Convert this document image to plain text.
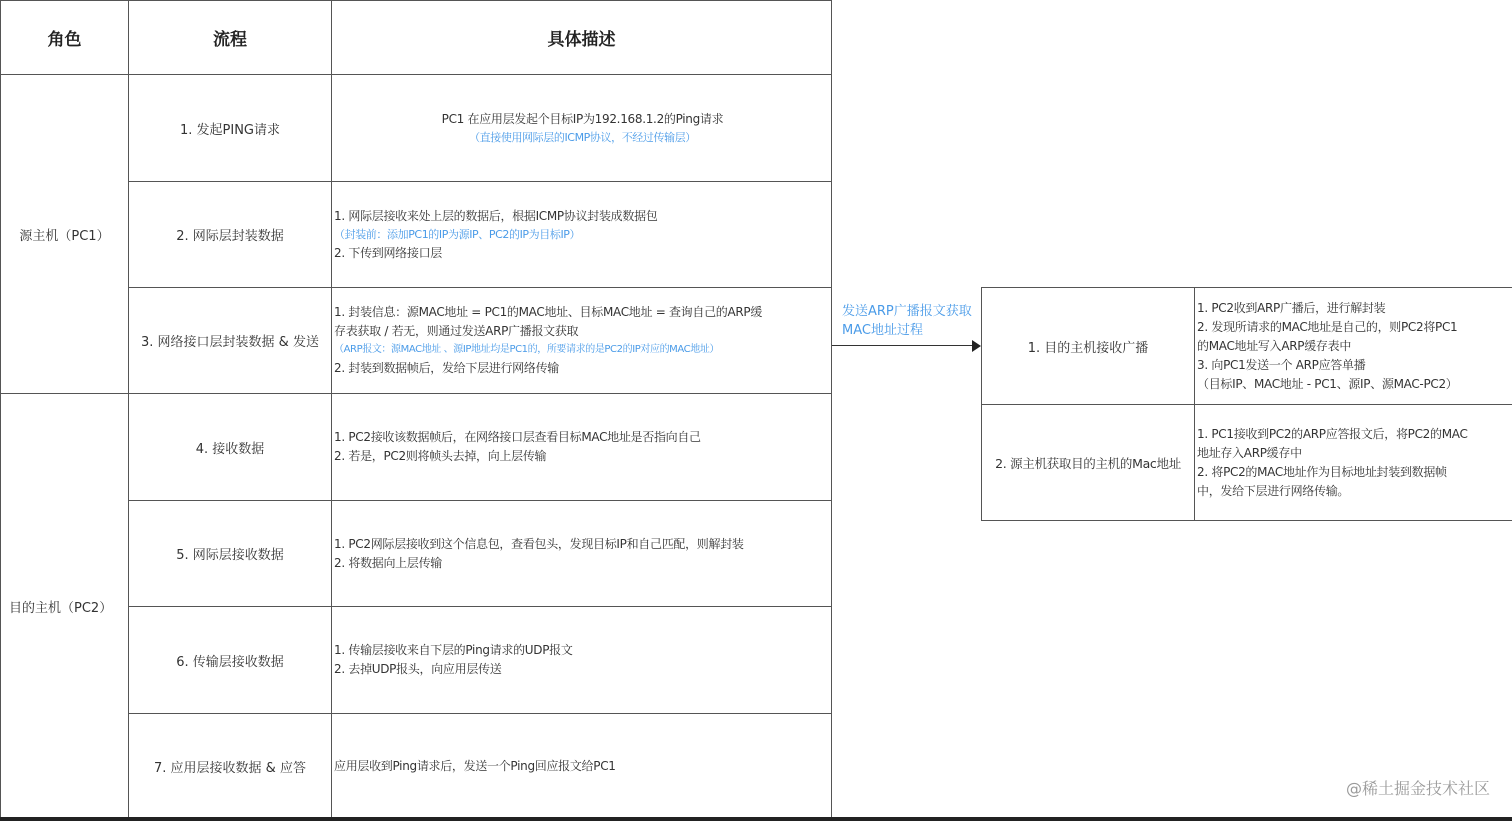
角色	流程	具体描述
源主机（PC1）
目的主机（PC2）
1. 发起PING请求
PC1 在应用层发起个目标IP为192.168.1.2的Ping请求
（直接使用网际层的ICMP协议，不经过传输层）
2. 网际层封装数据
1. 网际层接收来处上层的数据后，根据ICMP协议封装成数据包
（封装前：添加PC1的IP为源IP、PC2的IP为目标IP）
2. 下传到网络接口层
3. 网络接口层封装数据 & 发送
1. 封装信息：源MAC地址 = PC1的MAC地址、目标MAC地址 = 查询自己的ARP缓
存表获取 / 若无，则通过发送ARP广播报文获取
（ARP报文：源MAC地址 、源IP地址均是PC1的，所要请求的是PC2的IP对应的MAC地址）
2. 封装到数据帧后，发给下层进行网络传输
4. 接收数据
1. PC2接收该数据帧后，在网络接口层查看目标MAC地址是否指向自己
2. 若是，PC2则将帧头去掉，向上层传输
5. 网际层接收数据
1. PC2网际层接收到这个信息包，查看包头，发现目标IP和自己匹配，则解封装
2. 将数据向上层传输
6. 传输层接收数据
1. 传输层接收来自下层的Ping请求的UDP报文
2. 去掉UDP报头，向应用层传送
7. 应用层接收数据 & 应答 应用层收到Ping请求后，发送一个Ping回应报文给PC1
发送ARP广播报文获取MAC地址过程
1. 目的主机接收广播
1. PC2收到ARP广播后，进行解封装
2. 发现所请求的MAC地址是自己的，则PC2将PC1
的MAC地址写入ARP缓存表中
3. 向PC1发送一个 ARP应答单播
（目标IP、MAC地址 - PC1、源IP、源MAC-PC2）
2. 源主机获取目的主机的Mac地址
1. PC1接收到PC2的ARP应答报文后，将PC2的MAC
地址存入ARP缓存中
2. 将PC2的MAC地址作为目标地址封装到数据帧
中，发给下层进行网络传输。
@稀土掘金技术社区
